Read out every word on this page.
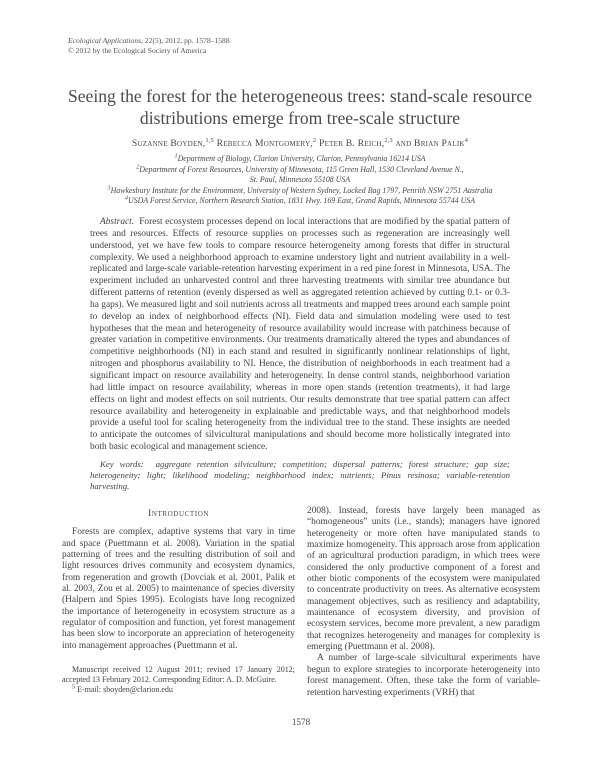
Ecological Applications, 22(5), 2012, pp. 1578–1588
© 2012 by the Ecological Society of America
Seeing the forest for the heterogeneous trees: stand-scale resource distributions emerge from tree-scale structure
Suzanne Boyden,$^{1,5}$ Rebecca Montgomery,$^2$ Peter B. Reich,$^{2,3}$ and Brian Palik$^4$
$^1$Department of Biology, Clarion University, Clarion, Pennsylvania 16214 USA
$^2$Department of Forest Resources, University of Minnesota, 115 Green Hall, 1530 Cleveland Avenue N.,
St. Paul, Minnesota 55108 USA
$^3$Hawkesbury Institute for the Environment, University of Western Sydney, Locked Bag 1797, Penrith NSW 2751 Australia
$^4$USDA Forest Service, Northern Research Station, 1831 Hwy. 169 East, Grand Rapids, Minnesota 55744 USA

Abstract. Forest ecosystem processes depend on local interactions that are modified by the spatial pattern of trees and resources. Effects of resource supplies on processes such as regeneration are increasingly well understood, yet we have few tools to compare resource heterogeneity among forests that differ in structural complexity. We used a neighborhood approach to examine understory light and nutrient availability in a well-replicated and large-scale variable-retention harvesting experiment in a red pine forest in Minnesota, USA. The experiment included an unharvested control and three harvesting treatments with similar tree abundance but different patterns of retention (evenly dispersed as well as aggregated retention achieved by cutting 0.1- or 0.3-ha gaps). We measured light and soil nutrients across all treatments and mapped trees around each sample point to develop an index of neighborhood effects (NI). Field data and simulation modeling were used to test hypotheses that the mean and heterogeneity of resource availability would increase with patchiness because of greater variation in competitive environments. Our treatments dramatically altered the types and abundances of competitive neighborhoods (NI) in each stand and resulted in significantly nonlinear relationships of light, nitrogen and phosphorus availability to NI. Hence, the distribution of neighborhoods in each treatment had a significant impact on resource availability and heterogeneity. In dense control stands, neighborhood variation had little impact on resource availability, whereas in more open stands (retention treatments), it had large effects on light and modest effects on soil nutrients. Our results demonstrate that tree spatial pattern can affect resource availability and heterogeneity in explainable and predictable ways, and that neighborhood models provide a useful tool for scaling heterogeneity from the individual tree to the stand. These insights are needed to anticipate the outcomes of silvicultural manipulations and should become more holistically integrated into both basic ecological and management science.

Key words: aggregate retention silviculture; competition; dispersal patterns; forest structure; gap size; heterogeneity; light; likelihood modeling; neighborhood index; nutrients; Pinus resinosa; variable-retention harvesting.

Introduction

Forests are complex, adaptive systems that vary in time and space (Puettmann et al. 2008). Variation in the spatial patterning of trees and the resulting distribution of soil and light resources drives community and ecosystem dynamics, from regeneration and growth (Dovciak et al. 2001, Palik et al. 2003, Zou et al. 2005) to maintenance of species diversity (Halpern and Spies 1995). Ecologists have long recognized the importance of heterogeneity in ecosystem structure as a regulator of composition and function, yet forest management has been slow to incorporate an appreciation of heterogeneity into management approaches (Puettmann et al.

Manuscript received 12 August 2011; revised 17 January 2012; accepted 13 February 2012. Corresponding Editor: A. D. McGuire.

$^5$ E-mail: sboyden@clarion.edu

2008). Instead, forests have largely been managed as “homogeneous” units (i.e., stands); managers have ignored heterogeneity or more often have manipulated stands to maximize homogeneity. This approach arose from application of an agricultural production paradigm, in which trees were considered the only productive component of a forest and other biotic components of the ecosystem were manipulated to concentrate productivity on trees. As alternative ecosystem management objectives, such as resiliency and adaptability, maintenance of ecosystem diversity, and provision of ecosystem services, become more prevalent, a new paradigm that recognizes heterogeneity and manages for complexity is emerging (Puettmann et al. 2008).

A number of large-scale silvicultural experiments have begun to explore strategies to incorporate heterogeneity into forest management. Often, these take the form of variable-retention harvesting experiments (VRH) that

1578
